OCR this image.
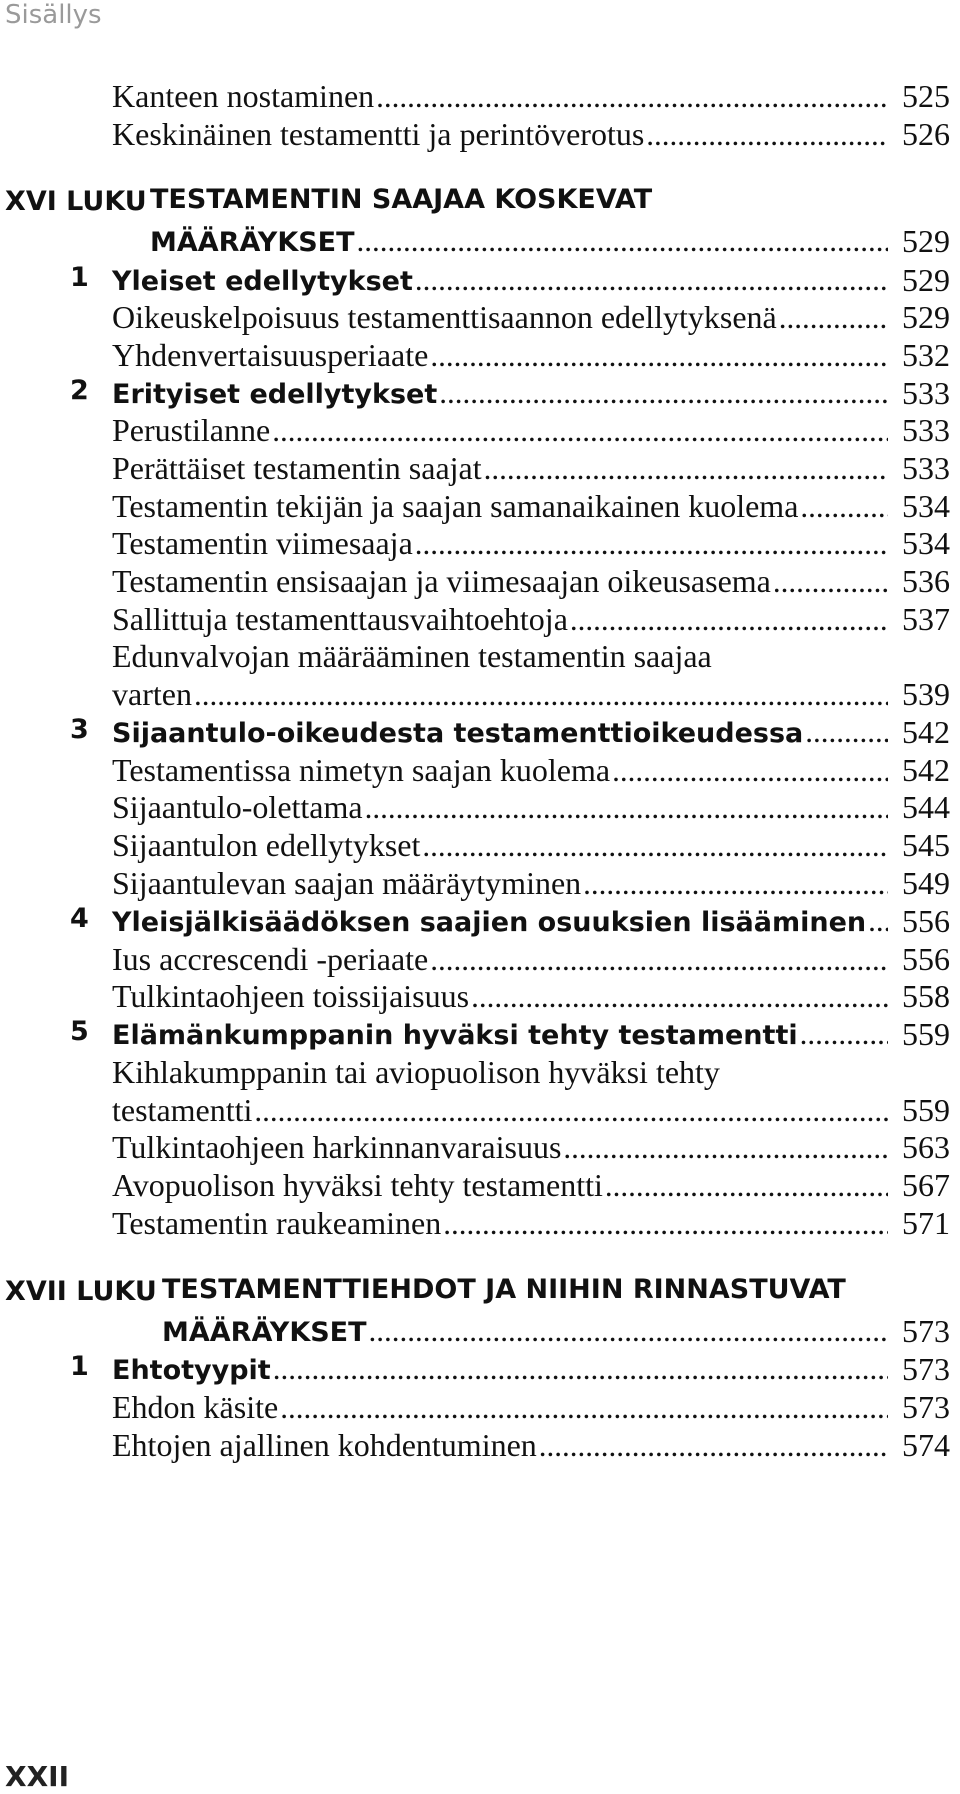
Sisällys
Kanteen nostaminen .....	525
Keskinäinen testamentti ja perintöverotus .....	526
XVI LUKU TESTAMENTIN SAAJAA KOSKEVAT
MÄÄRÄYKSET .....	529
1 Yleiset edellytykset .....	529
Oikeuskelpoisuus testamenttisaannon edellytyksenä .....	529
Yhdenvertaisuusperiaate .....	532
2 Erityiset edellytykset .....	533
Perustilanne .....	533
Perättäiset testamentin saajat .....	533
Testamentin tekijän ja saajan samanaikainen kuolema .....	534
Testamentin viimesaaja .....	534
Testamentin ensisaajan ja viimesaajan oikeusasema .....	536
Sallittuja testamenttausvaihtoehtoja .....	537
Edunvalvojan määrääminen testamentin saajaa
varten .....	539
3 Sijaantulo-oikeudesta testamenttioikeudessa .....	542
Testamentissa nimetyn saajan kuolema .....	542
Sijaantulo-olettama .....	544
Sijaantulon edellytykset .....	545
Sijaantulevan saajan määräytyminen .....	549
4 Yleisjälkisäädöksen saajien osuuksien lisääminen ..... 556
Ius accrescendi -periaate .....	556
Tulkintaohjeen toissijaisuus .....	558
5 Elämänkumppanin hyväksi tehty testamentti .....	559
Kihlakumppanin tai aviopuolison hyväksi tehty
testamentti .....	559
Tulkintaohjeen harkinnanvaraisuus .....	563
Avopuolison hyväksi tehty testamentti .....	567
Testamentin raukeaminen .....	571
XVII LUKU TESTAMENTTIEHDOT JA NIIHIN RINNASTUVAT
MÄÄRÄYKSET .....	573
1 Ehtotyypit .....	573
Ehdon käsite .....	573
Ehtojen ajallinen kohdentuminen .....	574
XXII
